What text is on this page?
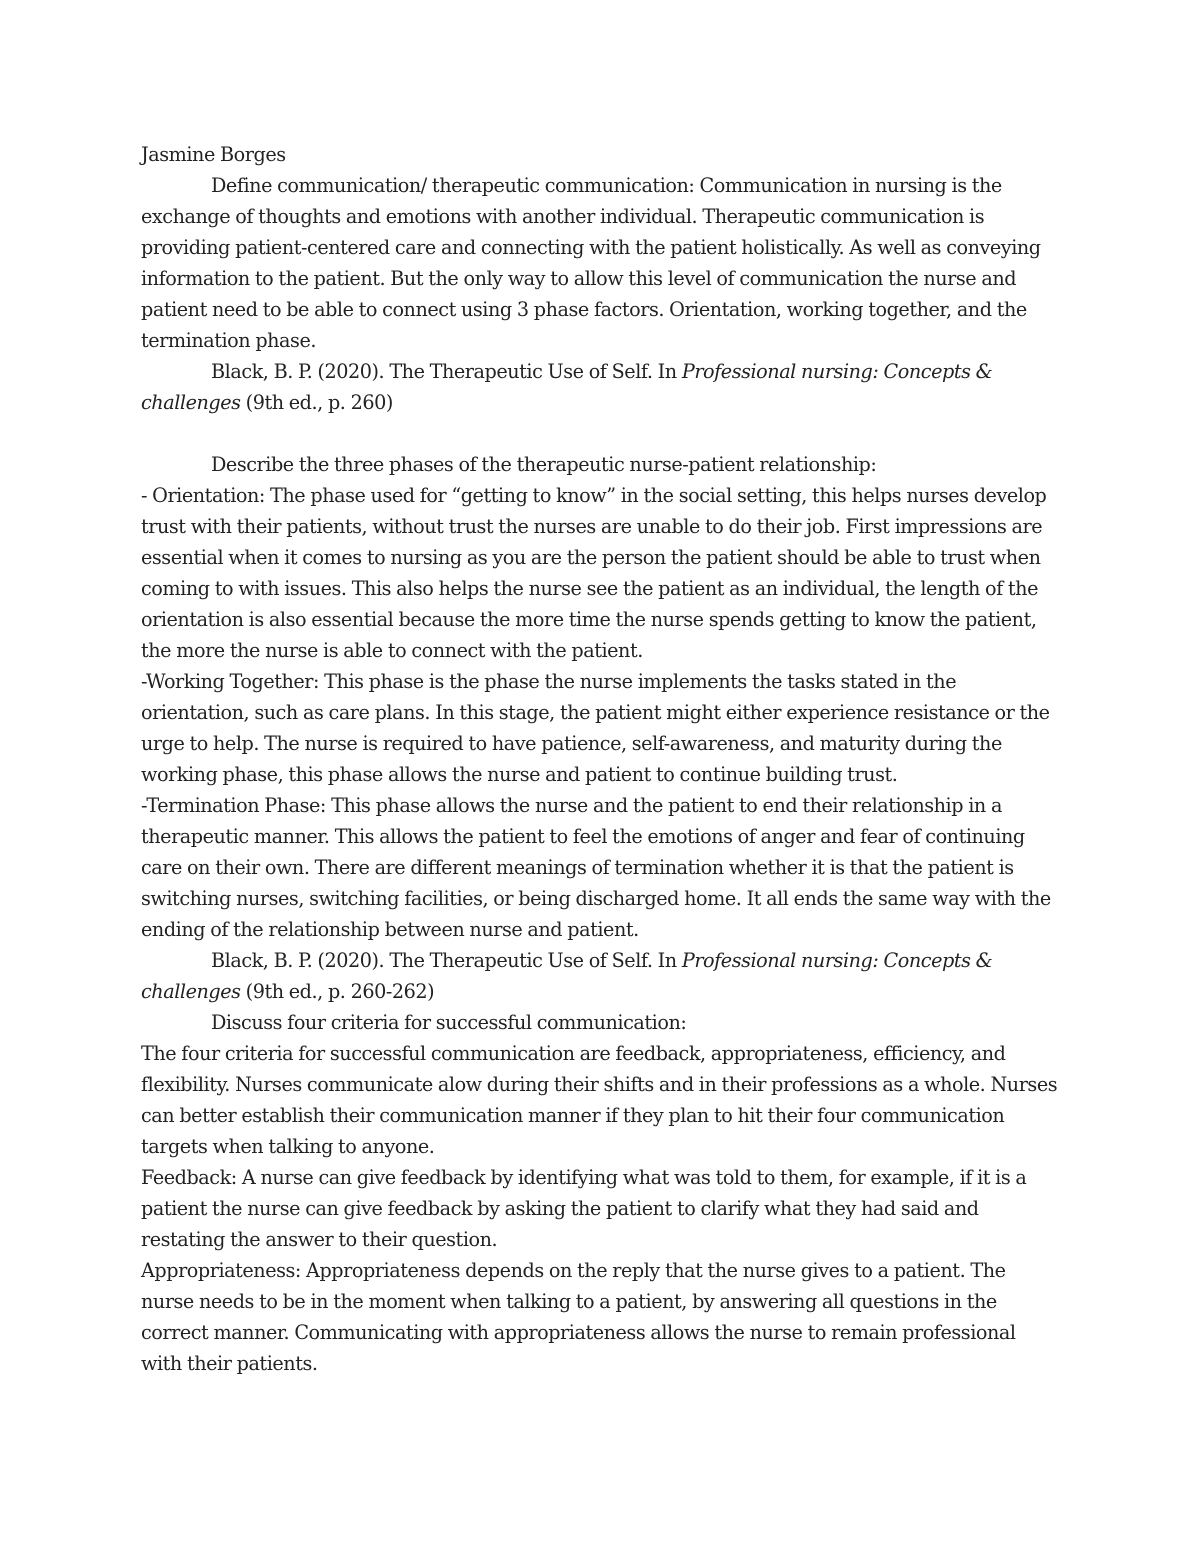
Jasmine Borges

Define communication/ therapeutic communication: Communication in nursing is the exchange of thoughts and emotions with another individual. Therapeutic communication is providing patient-centered care and connecting with the patient holistically. As well as conveying information to the patient. But the only way to allow this level of communication the nurse and patient need to be able to connect using 3 phase factors. Orientation, working together, and the termination phase.

Black, B. P. (2020). The Therapeutic Use of Self. In Professional nursing: Concepts & challenges (9th ed., p. 260)

Describe the three phases of the therapeutic nurse-patient relationship:

- Orientation: The phase used for “getting to know” in the social setting, this helps nurses develop trust with their patients, without trust the nurses are unable to do their job. First impressions are essential when it comes to nursing as you are the person the patient should be able to trust when coming to with issues. This also helps the nurse see the patient as an individual, the length of the orientation is also essential because the more time the nurse spends getting to know the patient, the more the nurse is able to connect with the patient.

-Working Together: This phase is the phase the nurse implements the tasks stated in the orientation, such as care plans. In this stage, the patient might either experience resistance or the urge to help. The nurse is required to have patience, self-awareness, and maturity during the working phase, this phase allows the nurse and patient to continue building trust.

-Termination Phase: This phase allows the nurse and the patient to end their relationship in a therapeutic manner. This allows the patient to feel the emotions of anger and fear of continuing care on their own. There are different meanings of termination whether it is that the patient is switching nurses, switching facilities, or being discharged home. It all ends the same way with the ending of the relationship between nurse and patient.

Black, B. P. (2020). The Therapeutic Use of Self. In Professional nursing: Concepts & challenges (9th ed., p. 260-262)

Discuss four criteria for successful communication:

The four criteria for successful communication are feedback, appropriateness, efficiency, and flexibility. Nurses communicate alow during their shifts and in their professions as a whole. Nurses can better establish their communication manner if they plan to hit their four communication targets when talking to anyone.

Feedback: A nurse can give feedback by identifying what was told to them, for example, if it is a patient the nurse can give feedback by asking the patient to clarify what they had said and restating the answer to their question.

Appropriateness: Appropriateness depends on the reply that the nurse gives to a patient. The nurse needs to be in the moment when talking to a patient, by answering all questions in the correct manner. Communicating with appropriateness allows the nurse to remain professional with their patients.
